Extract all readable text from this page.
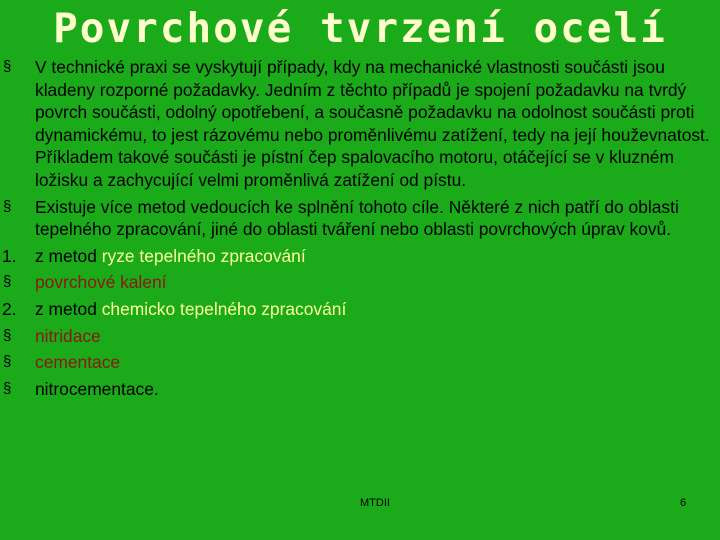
Povrchové tvrzení ocelí
§ V technické praxi se vyskytují případy, kdy na mechanické vlastnosti součásti jsou kladeny rozporné požadavky. Jedním z těchto případů je spojení požadavku na tvrdý povrch součásti, odolný opotřebení, a současně požadavku na odolnost součásti proti dynamickému, to jest rázovému nebo proměnlivému zatížení, tedy na její houževnatost. Příkladem takové součásti je pístní čep spalovacího motoru, otáčející se v kluzném ložisku a zachycující velmi proměnlivá zatížení od pístu.
§ Existuje více metod vedoucích ke splnění tohoto cíle. Některé z nich patří do oblasti tepelného zpracování, jiné do oblasti tváření nebo oblasti povrchových úprav kovů.
1. z metod ryze tepelného zpracování
§ povrchové kalení
2. z metod chemicko tepelného zpracování
§ nitridace
§ cementace
§ nitrocementace.
MTDII	6
